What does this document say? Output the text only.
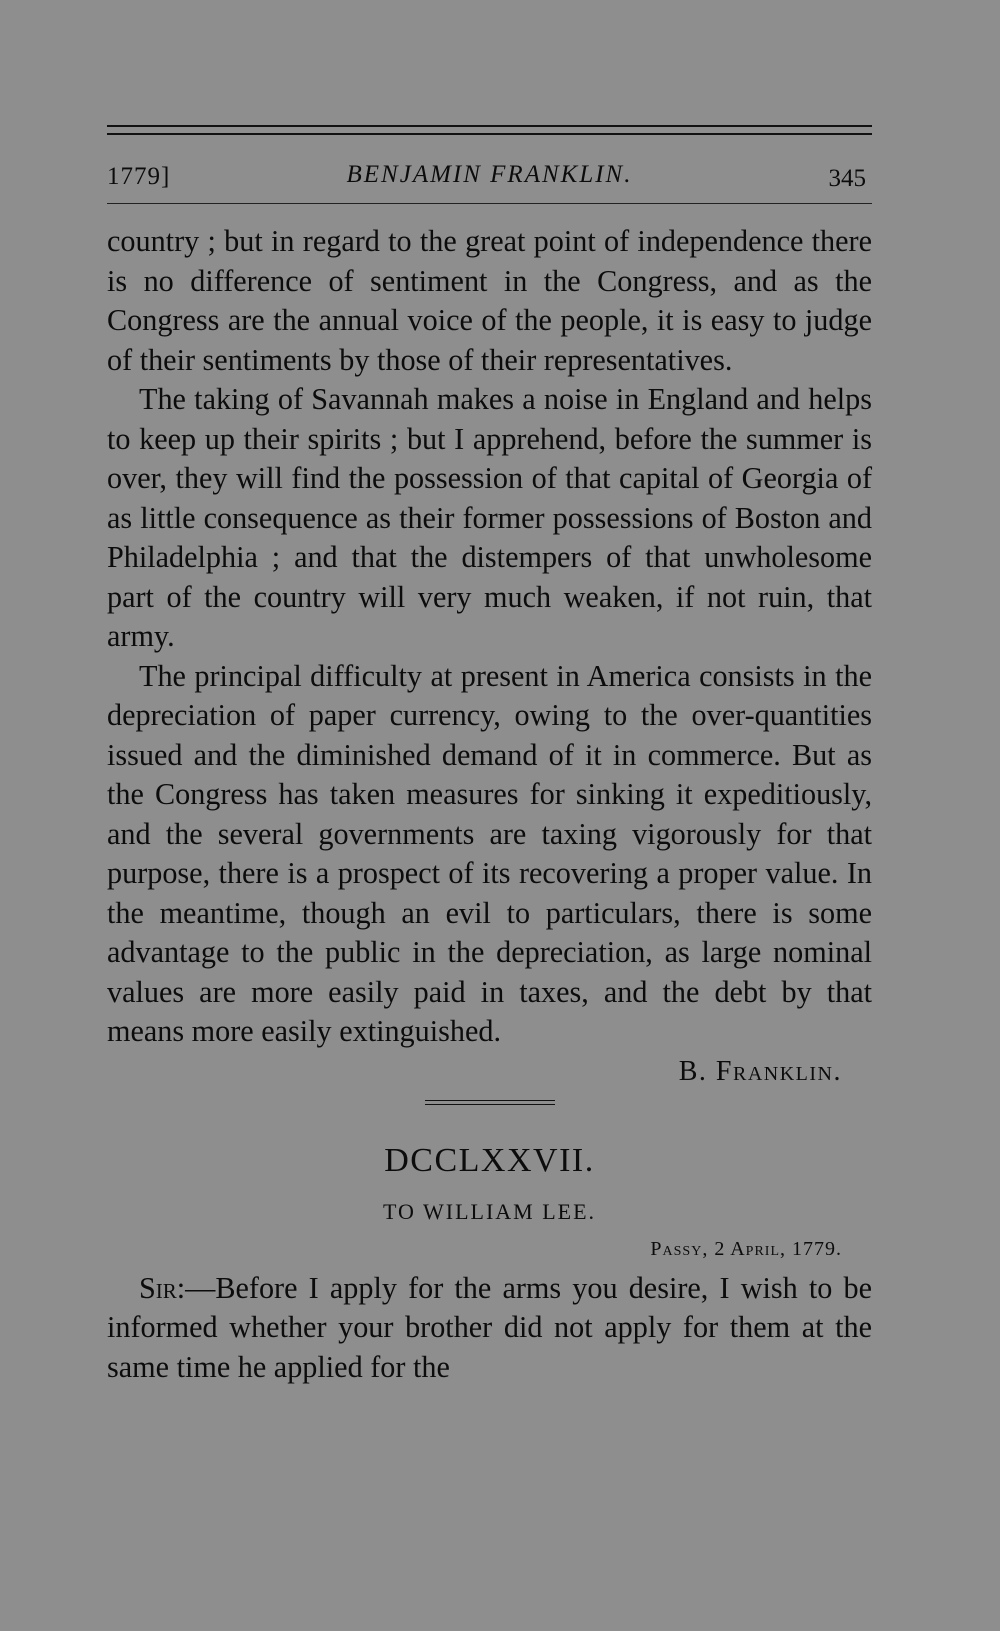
1779]	BENJAMIN FRANKLIN.	345

country ; but in regard to the great point of independence there is no difference of sentiment in the Congress, and as the Congress are the annual voice of the people, it is easy to judge of their sentiments by those of their representatives.

The taking of Savannah makes a noise in England and helps to keep up their spirits ; but I apprehend, before the summer is over, they will find the possession of that capital of Georgia of as little consequence as their former possessions of Boston and Philadelphia ; and that the distempers of that unwholesome part of the country will very much weaken, if not ruin, that army.

The principal difficulty at present in America consists in the depreciation of paper currency, owing to the over-quantities issued and the diminished demand of it in commerce. But as the Congress has taken measures for sinking it expeditiously, and the several governments are taxing vigorously for that purpose, there is a prospect of its recovering a proper value. In the meantime, though an evil to particulars, there is some advantage to the public in the depreciation, as large nominal values are more easily paid in taxes, and the debt by that means more easily extinguished.

B. Franklin.
DCCLXXVII.
TO WILLIAM LEE.
Passy, 2 April, 1779.

Sir:—Before I apply for the arms you desire, I wish to be informed whether your brother did not apply for them at the same time he applied for the
